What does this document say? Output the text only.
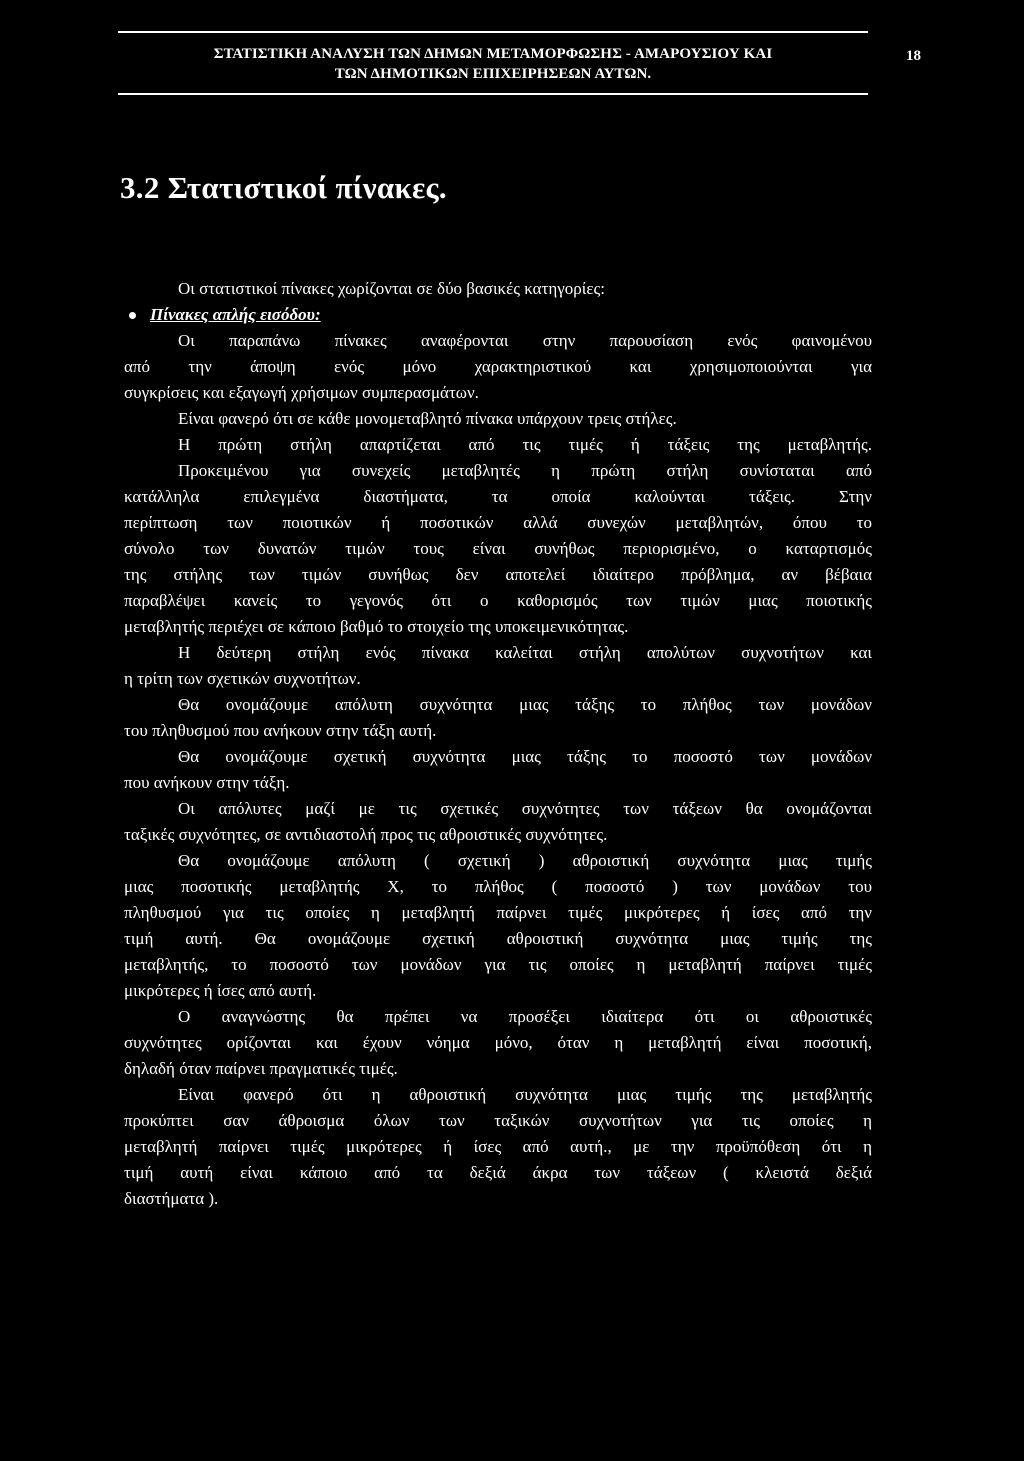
ΣΤΑΤΙΣΤΙΚΗ ΑΝΑΛΥΣΗ ΤΩΝ ΔΗΜΩΝ ΜΕΤΑΜΟΡΦΩΣΗΣ - ΑΜΑΡΟΥΣΙΟΥ ΚΑΙ
ΤΩΝ ΔΗΜΟΤΙΚΩΝ ΕΠΙΧΕΙΡΗΣΕΩΝ ΑΥΤΩΝ.
18
3.2 Στατιστικοί πίνακες.
Οι στατιστικοί πίνακες χωρίζονται σε δύο βασικές κατηγορίες:
Πίνακες απλής εισόδου:
Οι παραπάνω πίνακες αναφέρονται στην παρουσίαση ενός φαινομένου
από την άποψη ενός μόνο χαρακτηριστικού και χρησιμοποιούνται για
συγκρίσεις και εξαγωγή χρήσιμων συμπερασμάτων.
Είναι φανερό ότι σε κάθε μονομεταβλητό πίνακα υπάρχουν τρεις στήλες.
Η πρώτη στήλη απαρτίζεται από τις τιμές ή τάξεις της μεταβλητής.
Προκειμένου για συνεχείς μεταβλητές η πρώτη στήλη συνίσταται από
κατάλληλα επιλεγμένα διαστήματα, τα οποία καλούνται τάξεις. Στην
περίπτωση των ποιοτικών ή ποσοτικών αλλά συνεχών μεταβλητών, όπου το
σύνολο των δυνατών τιμών τους είναι συνήθως περιορισμένο, ο καταρτισμός
της στήλης των τιμών συνήθως δεν αποτελεί ιδιαίτερο πρόβλημα, αν βέβαια
παραβλέψει κανείς το γεγονός ότι ο καθορισμός των τιμών μιας ποιοτικής
μεταβλητής περιέχει σε κάποιο βαθμό το στοιχείο της υποκειμενικότητας.
Η δεύτερη στήλη ενός πίνακα καλείται στήλη απολύτων συχνοτήτων και
η τρίτη των σχετικών συχνοτήτων.
Θα ονομάζουμε απόλυτη συχνότητα μιας τάξης το πλήθος των μονάδων
του πληθυσμού που ανήκουν στην τάξη αυτή.
Θα ονομάζουμε σχετική συχνότητα μιας τάξης το ποσοστό των μονάδων
που ανήκουν στην τάξη.
Οι απόλυτες μαζί με τις σχετικές συχνότητες των τάξεων θα ονομάζονται
ταξικές συχνότητες, σε αντιδιαστολή προς τις αθροιστικές συχνότητες.
Θα ονομάζουμε απόλυτη ( σχετική ) αθροιστική συχνότητα μιας τιμής
μιας ποσοτικής μεταβλητής Χ, το πλήθος ( ποσοστό ) των μονάδων του
πληθυσμού για τις οποίες η μεταβλητή παίρνει τιμές μικρότερες ή ίσες από την
τιμή αυτή. Θα ονομάζουμε σχετική αθροιστική συχνότητα μιας τιμής της
μεταβλητής, το ποσοστό των μονάδων για τις οποίες η μεταβλητή παίρνει τιμές
μικρότερες ή ίσες από αυτή.
Ο αναγνώστης θα πρέπει να προσέξει ιδιαίτερα ότι οι αθροιστικές
συχνότητες ορίζονται και έχουν νόημα μόνο, όταν η μεταβλητή είναι ποσοτική,
δηλαδή όταν παίρνει πραγματικές τιμές.
Είναι φανερό ότι η αθροιστική συχνότητα μιας τιμής της μεταβλητής
προκύπτει σαν άθροισμα όλων των ταξικών συχνοτήτων για τις οποίες η
μεταβλητή παίρνει τιμές μικρότερες ή ίσες από αυτή., με την προϋπόθεση ότι η
τιμή αυτή είναι κάποιο από τα δεξιά άκρα των τάξεων ( κλειστά δεξιά
διαστήματα ).
